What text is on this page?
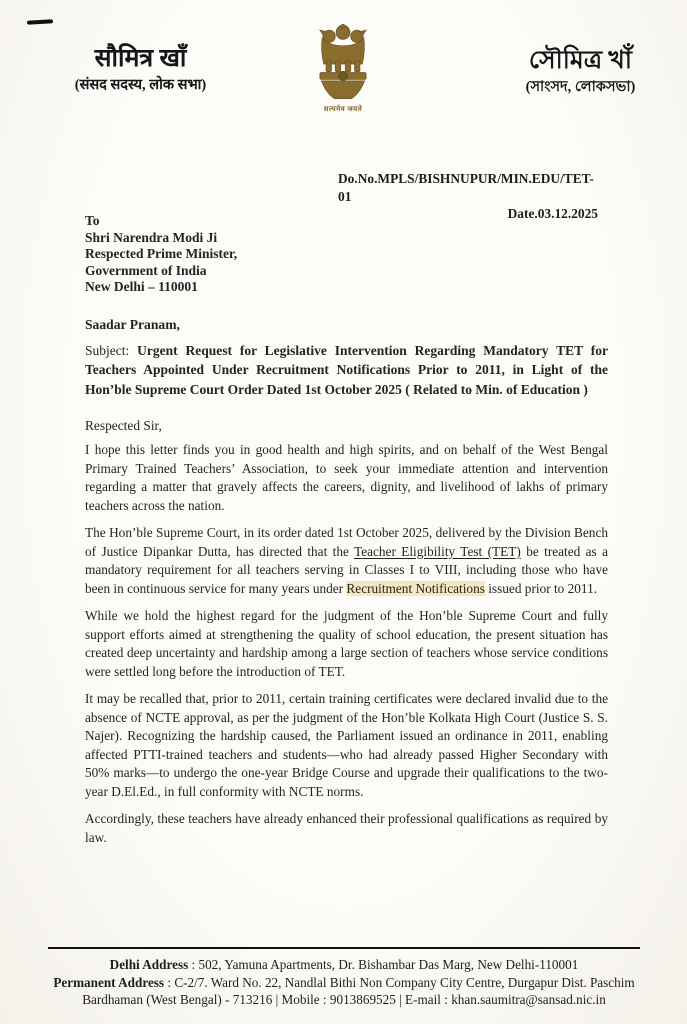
सौमित्र खाँ
(संसद सदस्य, लोक सभा)
सत्यमेव जयते
সৌমিত্র খাঁ
(সাংসদ, লোকসভা)
Do.No.MPLS/BISHNUPUR/MIN.EDU/TET-01
Date.03.12.2025
To
Shri Narendra Modi Ji
Respected Prime Minister,
Government of India
New Delhi – 110001
Saadar Pranam,
Subject: Urgent Request for Legislative Intervention Regarding Mandatory TET for Teachers Appointed Under Recruitment Notifications Prior to 2011, in Light of the Hon’ble Supreme Court Order Dated 1st October 2025 ( Related to Min. of Education )
Respected Sir,

I hope this letter finds you in good health and high spirits, and on behalf of the West Bengal Primary Trained Teachers’ Association, to seek your immediate attention and intervention regarding a matter that gravely affects the careers, dignity, and livelihood of lakhs of primary teachers across the nation.

The Hon’ble Supreme Court, in its order dated 1st October 2025, delivered by the Division Bench of Justice Dipankar Dutta, has directed that the Teacher Eligibility Test (TET) be treated as a mandatory requirement for all teachers serving in Classes I to VIII, including those who have been in continuous service for many years under Recruitment Notifications issued prior to 2011.

While we hold the highest regard for the judgment of the Hon’ble Supreme Court and fully support efforts aimed at strengthening the quality of school education, the present situation has created deep uncertainty and hardship among a large section of teachers whose service conditions were settled long before the introduction of TET.

It may be recalled that, prior to 2011, certain training certificates were declared invalid due to the absence of NCTE approval, as per the judgment of the Hon’ble Kolkata High Court (Justice S. S. Najer). Recognizing the hardship caused, the Parliament issued an ordinance in 2011, enabling affected PTTI-trained teachers and students—who had already passed Higher Secondary with 50% marks—to undergo the one-year Bridge Course and upgrade their qualifications to the two-year D.El.Ed., in full conformity with NCTE norms.

Accordingly, these teachers have already enhanced their professional qualifications as required by law.

Delhi Address : 502, Yamuna Apartments, Dr. Bishambar Das Marg, New Delhi-110001
Permanent Address : C-2/7. Ward No. 22, Nandlal Bithi Non Company City Centre, Durgapur Dist. Paschim Bardhaman (West Bengal) - 713216 | Mobile : 9013869525 | E-mail : khan.saumitra@sansad.nic.in
